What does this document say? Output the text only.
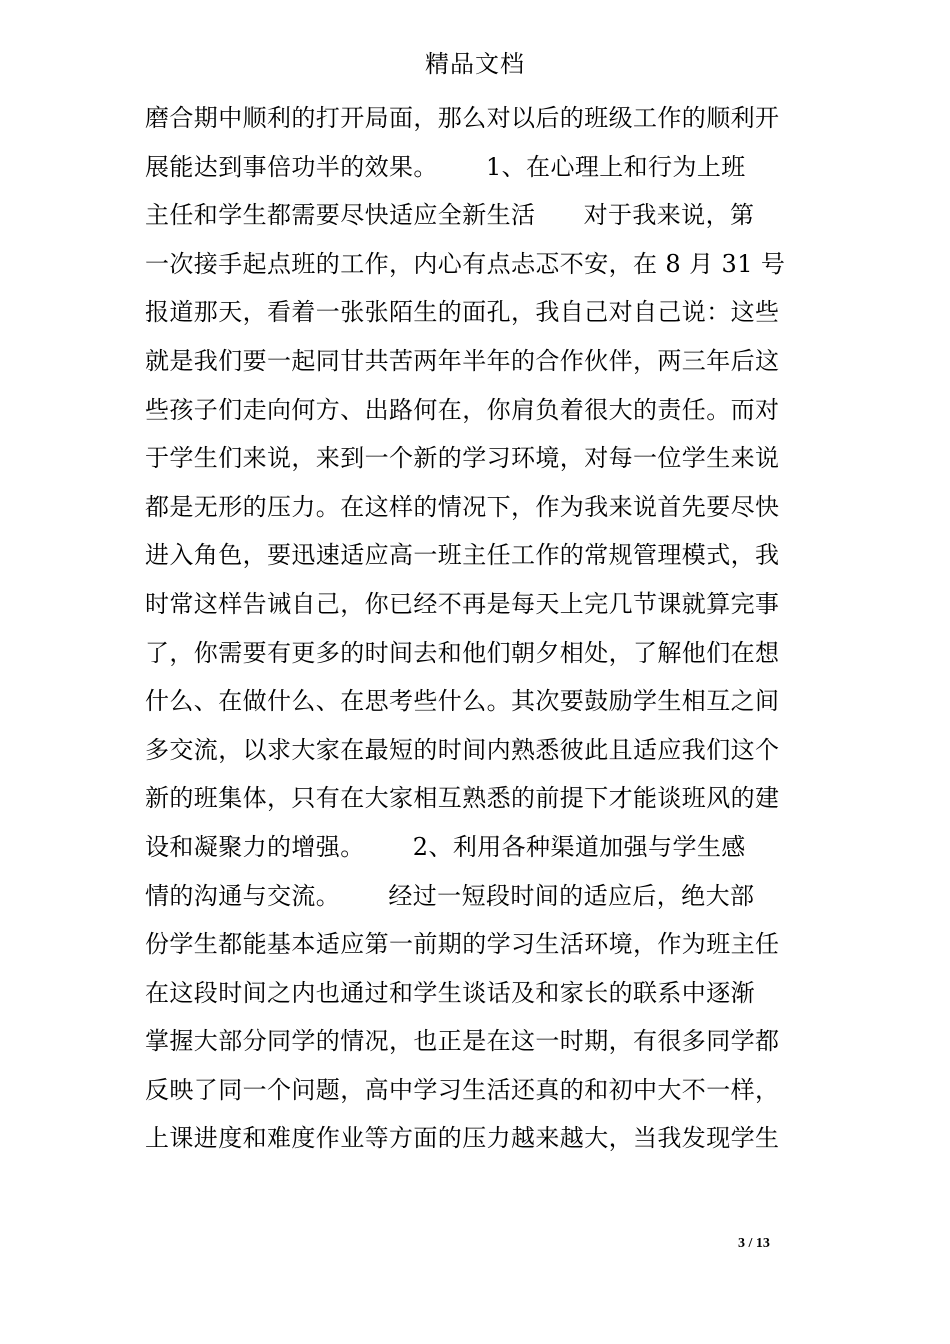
精品文档
磨合期中顺利的打开局面，那么对以后的班级工作的顺利开
展能达到事倍功半的效果。      1、在心理上和行为上班
主任和学生都需要尽快适应全新生活      对于我来说，第
一次接手起点班的工作，内心有点忐忑不安，在 8 月 31 号
报道那天，看着一张张陌生的面孔，我自己对自己说：这些
就是我们要一起同甘共苦两年半年的合作伙伴，两三年后这
些孩子们走向何方、出路何在，你肩负着很大的责任。而对
于学生们来说，来到一个新的学习环境，对每一位学生来说
都是无形的压力。在这样的情况下，作为我来说首先要尽快
进入角色，要迅速适应高一班主任工作的常规管理模式，我
时常这样告诫自己，你已经不再是每天上完几节课就算完事
了，你需要有更多的时间去和他们朝夕相处，了解他们在想
什么、在做什么、在思考些什么。其次要鼓励学生相互之间
多交流，以求大家在最短的时间内熟悉彼此且适应我们这个
新的班集体，只有在大家相互熟悉的前提下才能谈班风的建
设和凝聚力的增强。      2、利用各种渠道加强与学生感
情的沟通与交流。      经过一短段时间的适应后，绝大部
份学生都能基本适应第一前期的学习生活环境，作为班主任
在这段时间之内也通过和学生谈话及和家长的联系中逐渐
掌握大部分同学的情况，也正是在这一时期，有很多同学都
反映了同一个问题，高中学习生活还真的和初中大不一样，
上课进度和难度作业等方面的压力越来越大，当我发现学生
3 / 13
